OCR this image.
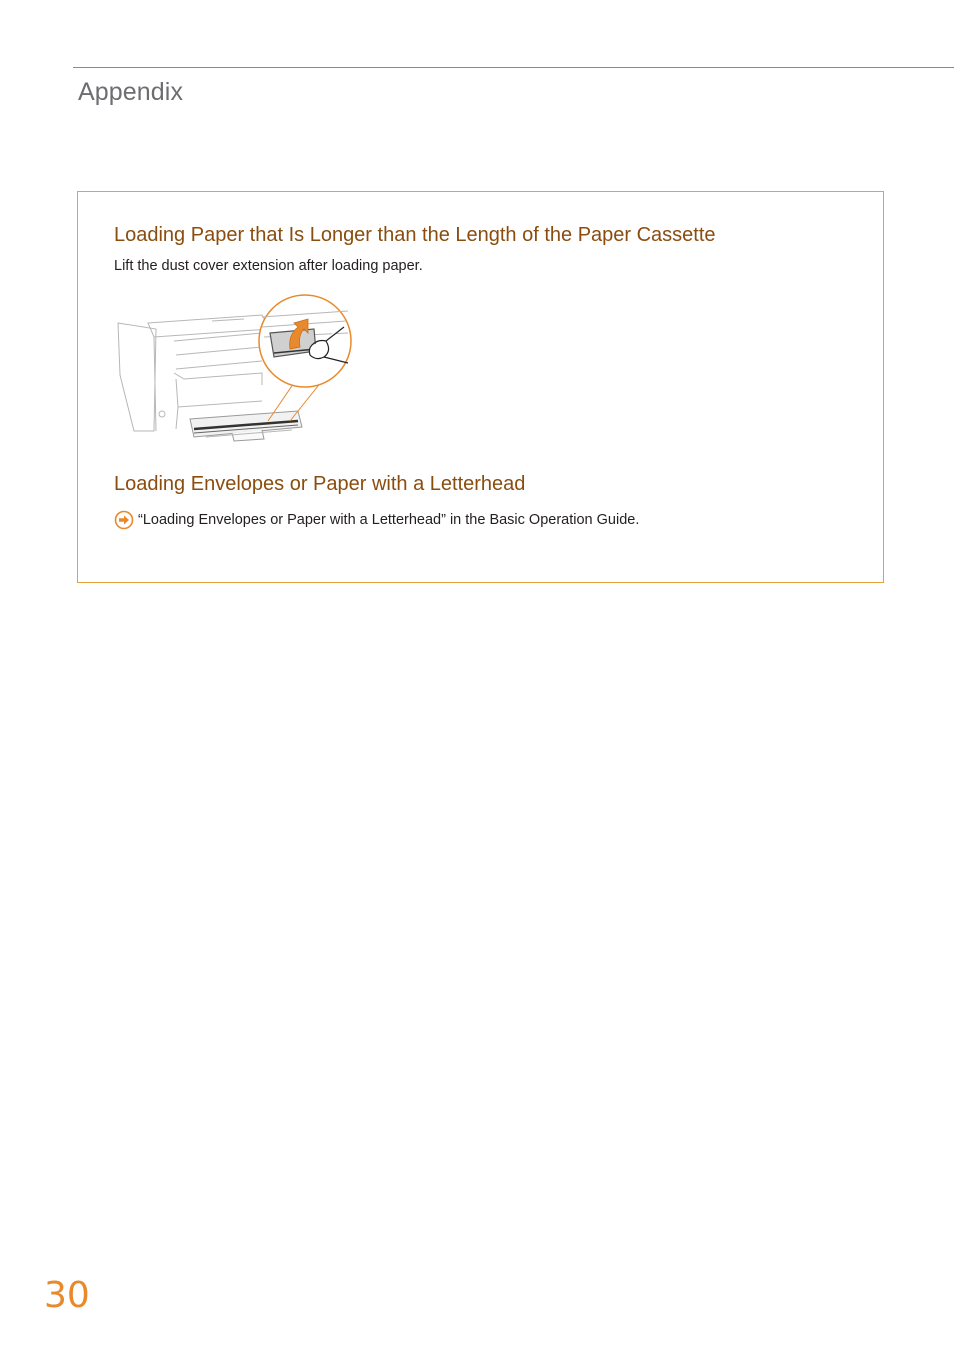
Appendix
Loading Paper that Is Longer than the Length of the Paper Cassette

Lift the dust cover extension after loading paper.

Loading Envelopes or Paper with a Letterhead
“Loading Envelopes or Paper with a Letterhead” in the Basic Operation Guide.
30
